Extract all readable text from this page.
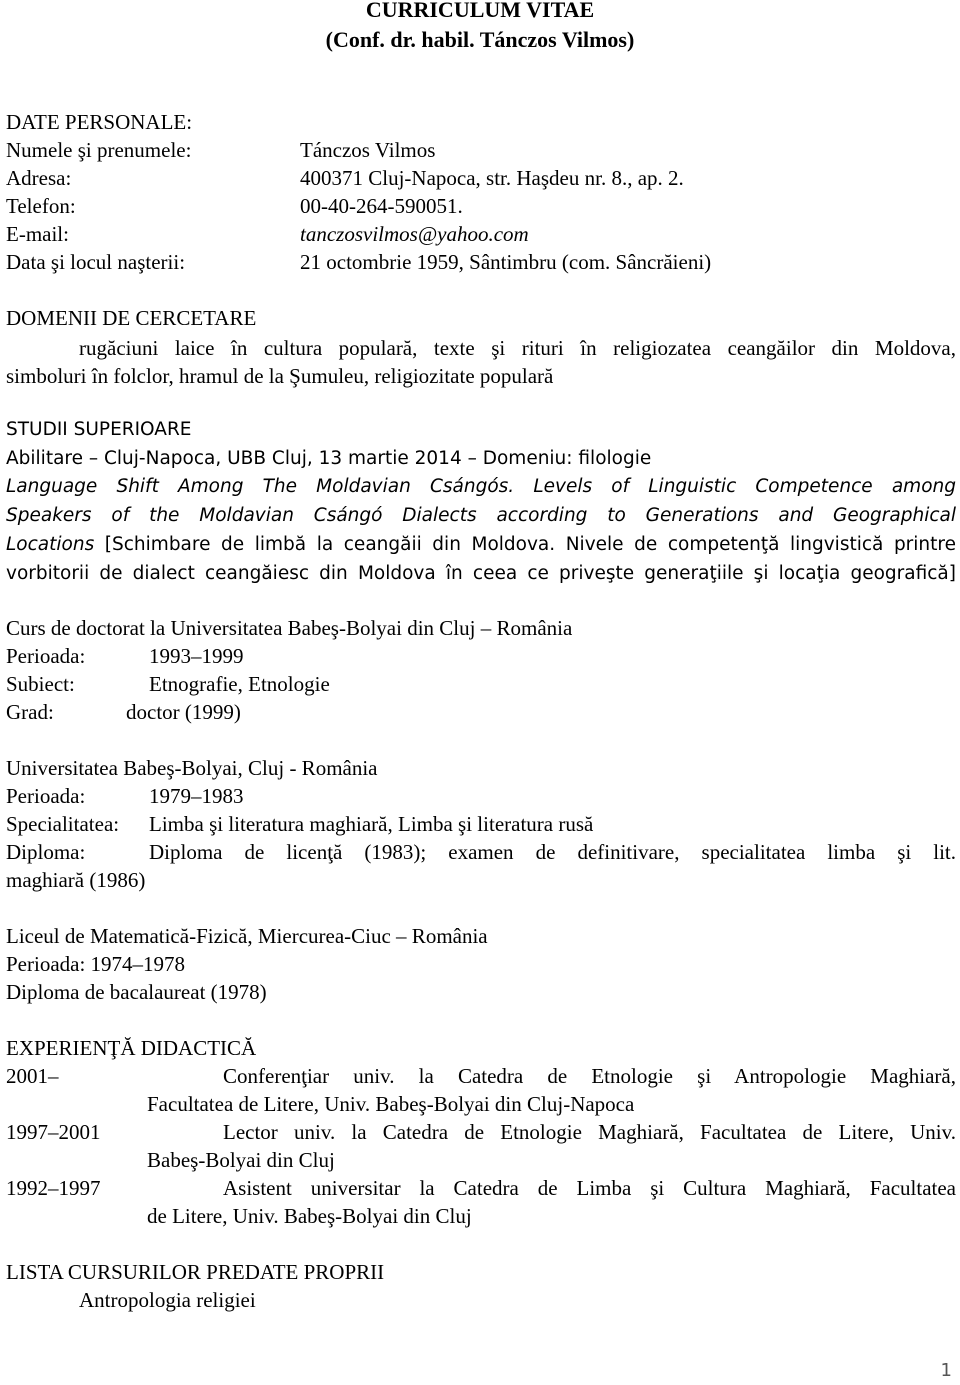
CURRICULUM VITAE
(Conf. dr. habil. Tánczos Vilmos)
DATE PERSONALE:
Numele şi prenumele:	Tánczos Vilmos
Adresa:	400371 Cluj-Napoca, str. Haşdeu nr. 8., ap. 2.
Telefon:	00-40-264-590051.
E-mail:	tanczosvilmos@yahoo.com
Data şi locul naşterii:	21 octombrie 1959, Sântimbru (com. Sâncrăieni)
DOMENII DE CERCETARE
rugăciuni laice în cultura populară, texte şi rituri în religiozatea ceangăilor din Moldova,
simboluri în folclor, hramul de la Şumuleu, religiozitate populară
STUDII SUPERIOARE
Abilitare – Cluj-Napoca, UBB Cluj, 13 martie 2014 – Domeniu: filologie
Language Shift Among The Moldavian Csángós. Levels of Linguistic Competence among
Speakers of the Moldavian Csángó Dialects according to Generations and Geographical
Locations [Schimbare de limbă la ceangăii din Moldova. Nivele de competenţă lingvistică printre
vorbitorii de dialect ceangăiesc din Moldova în ceea ce priveşte generaţiile şi locaţia geografică]
Curs de doctorat la Universitatea Babeş-Bolyai din Cluj – România
Perioada:	1993–1999
Subiect:	Etnografie, Etnologie
Grad:	doctor (1999)
Universitatea Babeş-Bolyai, Cluj - România
Perioada:	1979–1983
Specialitatea: Limba şi literatura maghiară, Limba şi literatura rusă
Diploma:	Diploma de licenţă (1983); examen de definitivare, specialitatea limba şi lit.
maghiară (1986)
Liceul de Matematică-Fizică, Miercurea-Ciuc – România
Perioada: 1974–1978
Diploma de bacalaureat (1978)
EXPERIENŢĂ DIDACTICĂ
2001–	Conferenţiar univ. la Catedra de Etnologie şi Antropologie Maghiară,
Facultatea de Litere, Univ. Babeş-Bolyai din Cluj-Napoca
1997–2001	Lector univ. la Catedra de Etnologie Maghiară, Facultatea de Litere, Univ.
Babeş-Bolyai din Cluj
1992–1997	Asistent universitar la Catedra de Limba şi Cultura Maghiară, Facultatea
de Litere, Univ. Babeş-Bolyai din Cluj
LISTA CURSURILOR PREDATE PROPRII
Antropologia religiei
1
